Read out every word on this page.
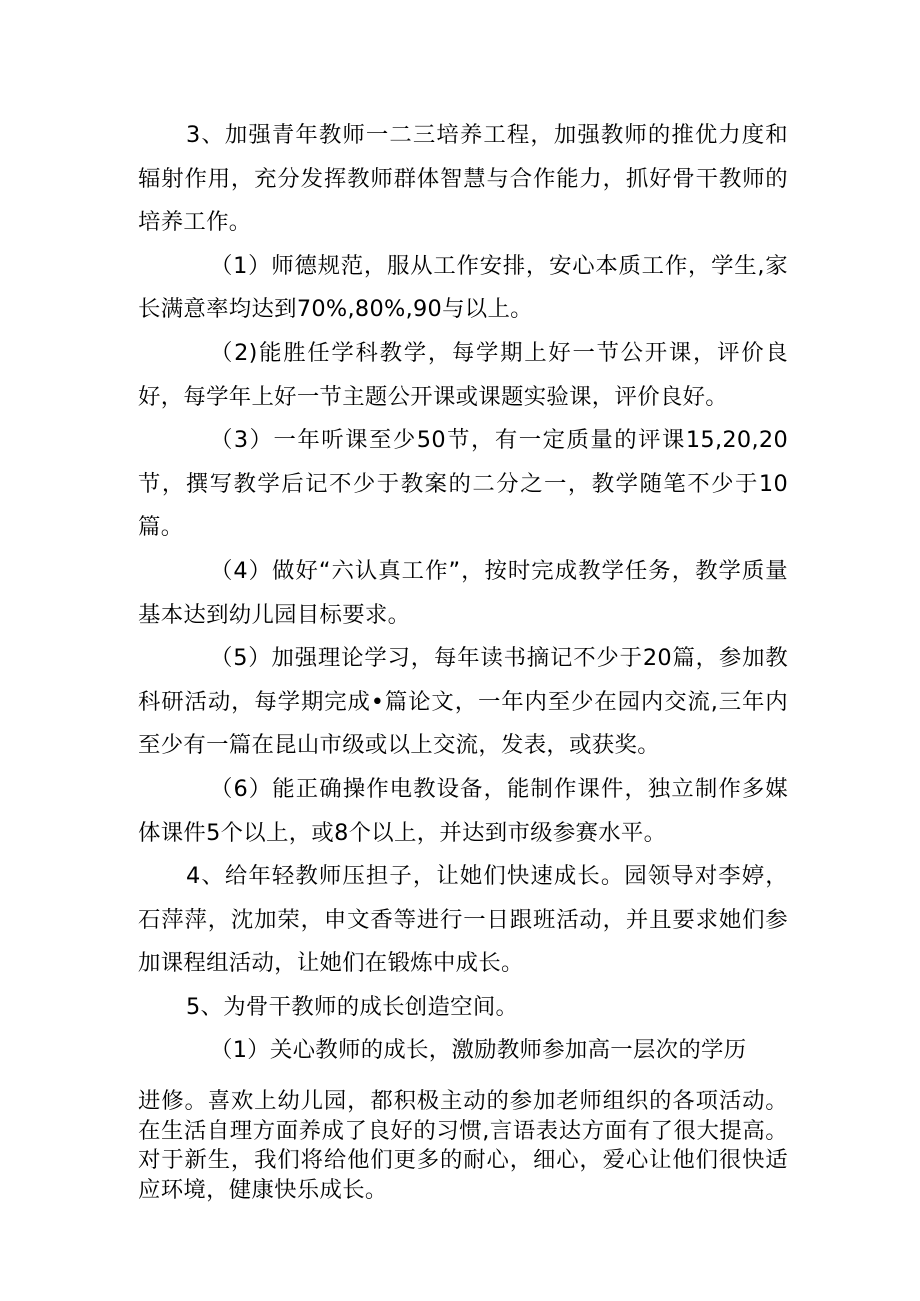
3、加强青年教师一二三培养工程，加强教师的推优力度和辐射作用，充分发挥教师群体智慧与合作能力，抓好骨干教师的培养工作。

（1）师德规范，服从工作安排，安心本质工作，学生,家长满意率均达到70%,80%,90与以上。

（2)能胜任学科教学，每学期上好一节公开课，评价良好，每学年上好一节主题公开课或课题实验课，评价良好。

（3）一年听课至少50节，有一定质量的评课15,20,20节，撰写教学后记不少于教案的二分之一，教学随笔不少于10篇。

（4）做好“六认真工作”，按时完成教学任务，教学质量基本达到幼儿园目标要求。

（5）加强理论学习，每年读书摘记不少于20篇，参加教科研活动，每学期完成•篇论文，一年内至少在园内交流,三年内至少有一篇在昆山市级或以上交流，发表，或获奖。

（6）能正确操作电教设备，能制作课件，独立制作多媒体课件5个以上，或8个以上，并达到市级参赛水平。

4、给年轻教师压担子，让她们快速成长。园领导对李婷，石萍萍，沈加荣，申文香等进行一日跟班活动，并且要求她们参加课程组活动，让她们在锻炼中成长。

5、为骨干教师的成长创造空间。

（1）关心教师的成长，激励教师参加高一层次的学历

进修。喜欢上幼儿园，都积极主动的参加老师组织的各项活动。在生活自理方面养成了良好的习惯,言语表达方面有了很大提高。对于新生，我们将给他们更多的耐心，细心，爱心让他们很快适应环境，健康快乐成长。
